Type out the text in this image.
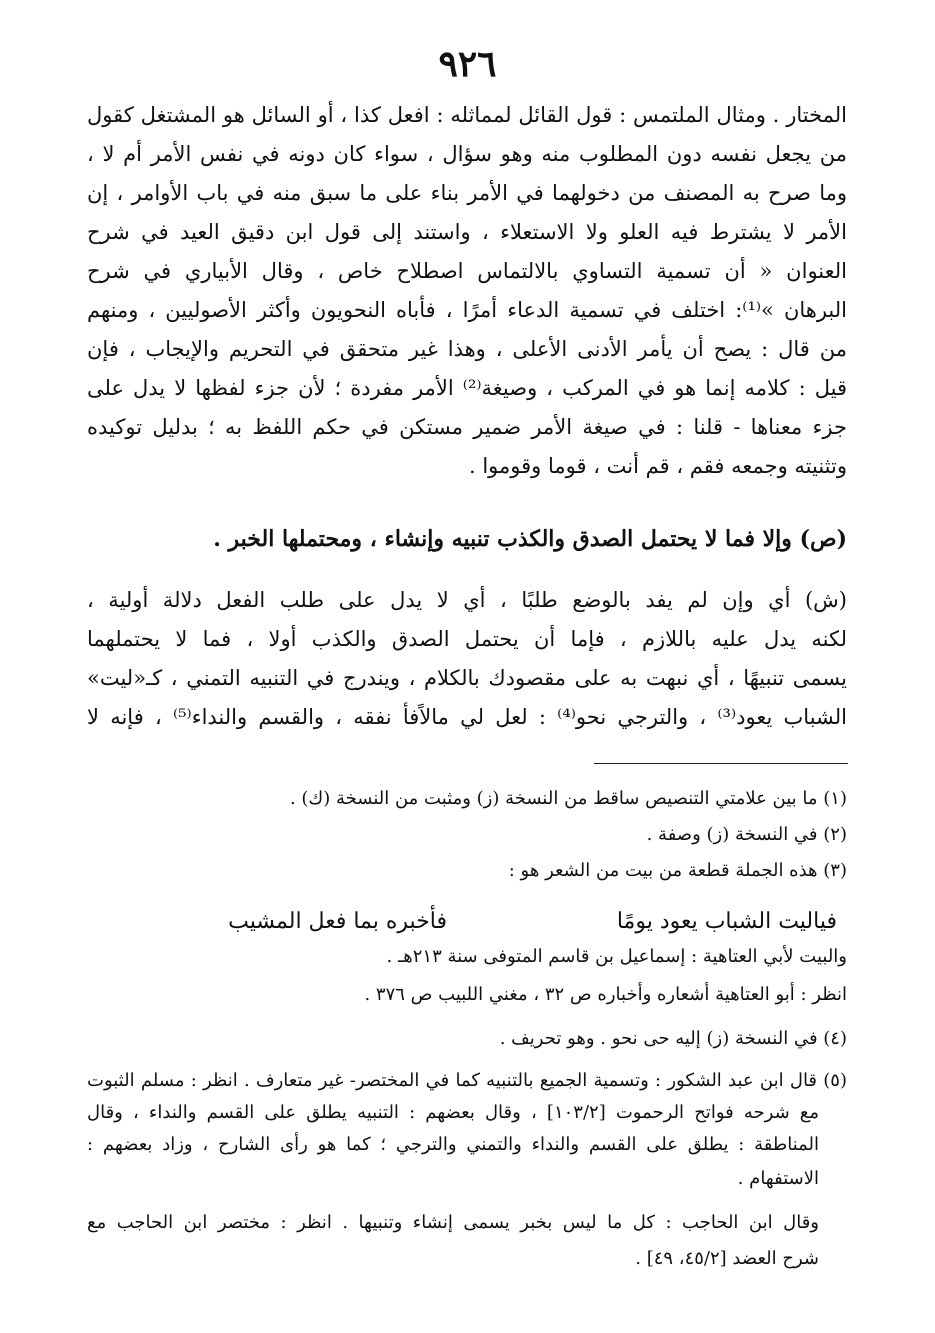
٩٢٦
المختار . ومثال الملتمس : قول القائل لمماثله : افعل كذا ، أو السائل هو المشتغل كقول
من يجعل نفسه دون المطلوب منه وهو سؤال ، سواء كان دونه في نفس الأمر أم لا ،
وما صرح به المصنف من دخولهما في الأمر بناء على ما سبق منه في باب الأوامر ، إن
الأمر لا يشترط فيه العلو ولا الاستعلاء ، واستند إلى قول ابن دقيق العيد في شرح
العنوان « أن تسمية التساوي بالالتماس اصطلاح خاص ، وقال الأبياري في شرح
البرهان »⁽¹⁾: اختلف في تسمية الدعاء أمرًا ، فأباه النحويون وأكثر الأصوليين ، ومنهم
من قال : يصح أن يأمر الأدنى الأعلى ، وهذا غير متحقق في التحريم والإيجاب ، فإن
قيل : كلامه إنما هو في المركب ، وصيغة⁽²⁾ الأمر مفردة ؛ لأن جزء لفظها لا يدل على
جزء معناها - قلنا : في صيغة الأمر ضمير مستكن في حكم اللفظ به ؛ بدليل توكيده
وتثنيته وجمعه فقم ، قم أنت ، قوما وقوموا .
(ص) وإلا فما لا يحتمل الصدق والكذب تنبيه وإنشاء ، ومحتملها الخبر .
(ش) أي وإن لم يفد بالوضع طلبًا ، أي لا يدل على طلب الفعل دلالة أولية ،
لكنه يدل عليه باللازم ، فإما أن يحتمل الصدق والكذب أولا ، فما لا يحتملهما
يسمى تنبيهًا ، أي نبهت به على مقصودك بالكلام ، ويندرج في التنبيه التمني ، كـ«ليت»
الشباب يعود⁽³⁾ ، والترجي نحو⁽⁴⁾ : لعل لي مالاًفأ نفقه ، والقسم والنداء⁽⁵⁾ ، فإنه لا
(١) ما بين علامتي التنصيص ساقط من النسخة (ز) ومثبت من النسخة (ك) .
(٢) في النسخة (ز) وصفة .
(٣) هذه الجملة قطعة من بيت من الشعر هو :
فياليت الشباب يعود يومًا
فأخبره بما فعل المشيب
والبيت لأبي العتاهية : إسماعيل بن قاسم المتوفى سنة ٢١٣هـ .
انظر : أبو العتاهية أشعاره وأخباره ص ٣٢ ، مغني اللبيب ص ٣٧٦ .
(٤) في النسخة (ز) إليه حى نحو . وهو تحريف .
(٥) قال ابن عبد الشكور : وتسمية الجميع بالتنبيه كما في المختصر- غير متعارف . انظر : مسلم الثبوت
مع شرحه فواتح الرحموت [١٠٣/٢] ، وقال بعضهم : التنبيه يطلق على القسم والنداء ، وقال
المناطقة : يطلق على القسم والنداء والتمني والترجي ؛ كما هو رأى الشارح ، وزاد بعضهم :
الاستفهام .
وقال ابن الحاجب : كل ما ليس بخبر يسمى إنشاء وتنبيها . انظر : مختصر ابن الحاجب مع
شرح العضد [٤٥/٢، ٤٩] .
